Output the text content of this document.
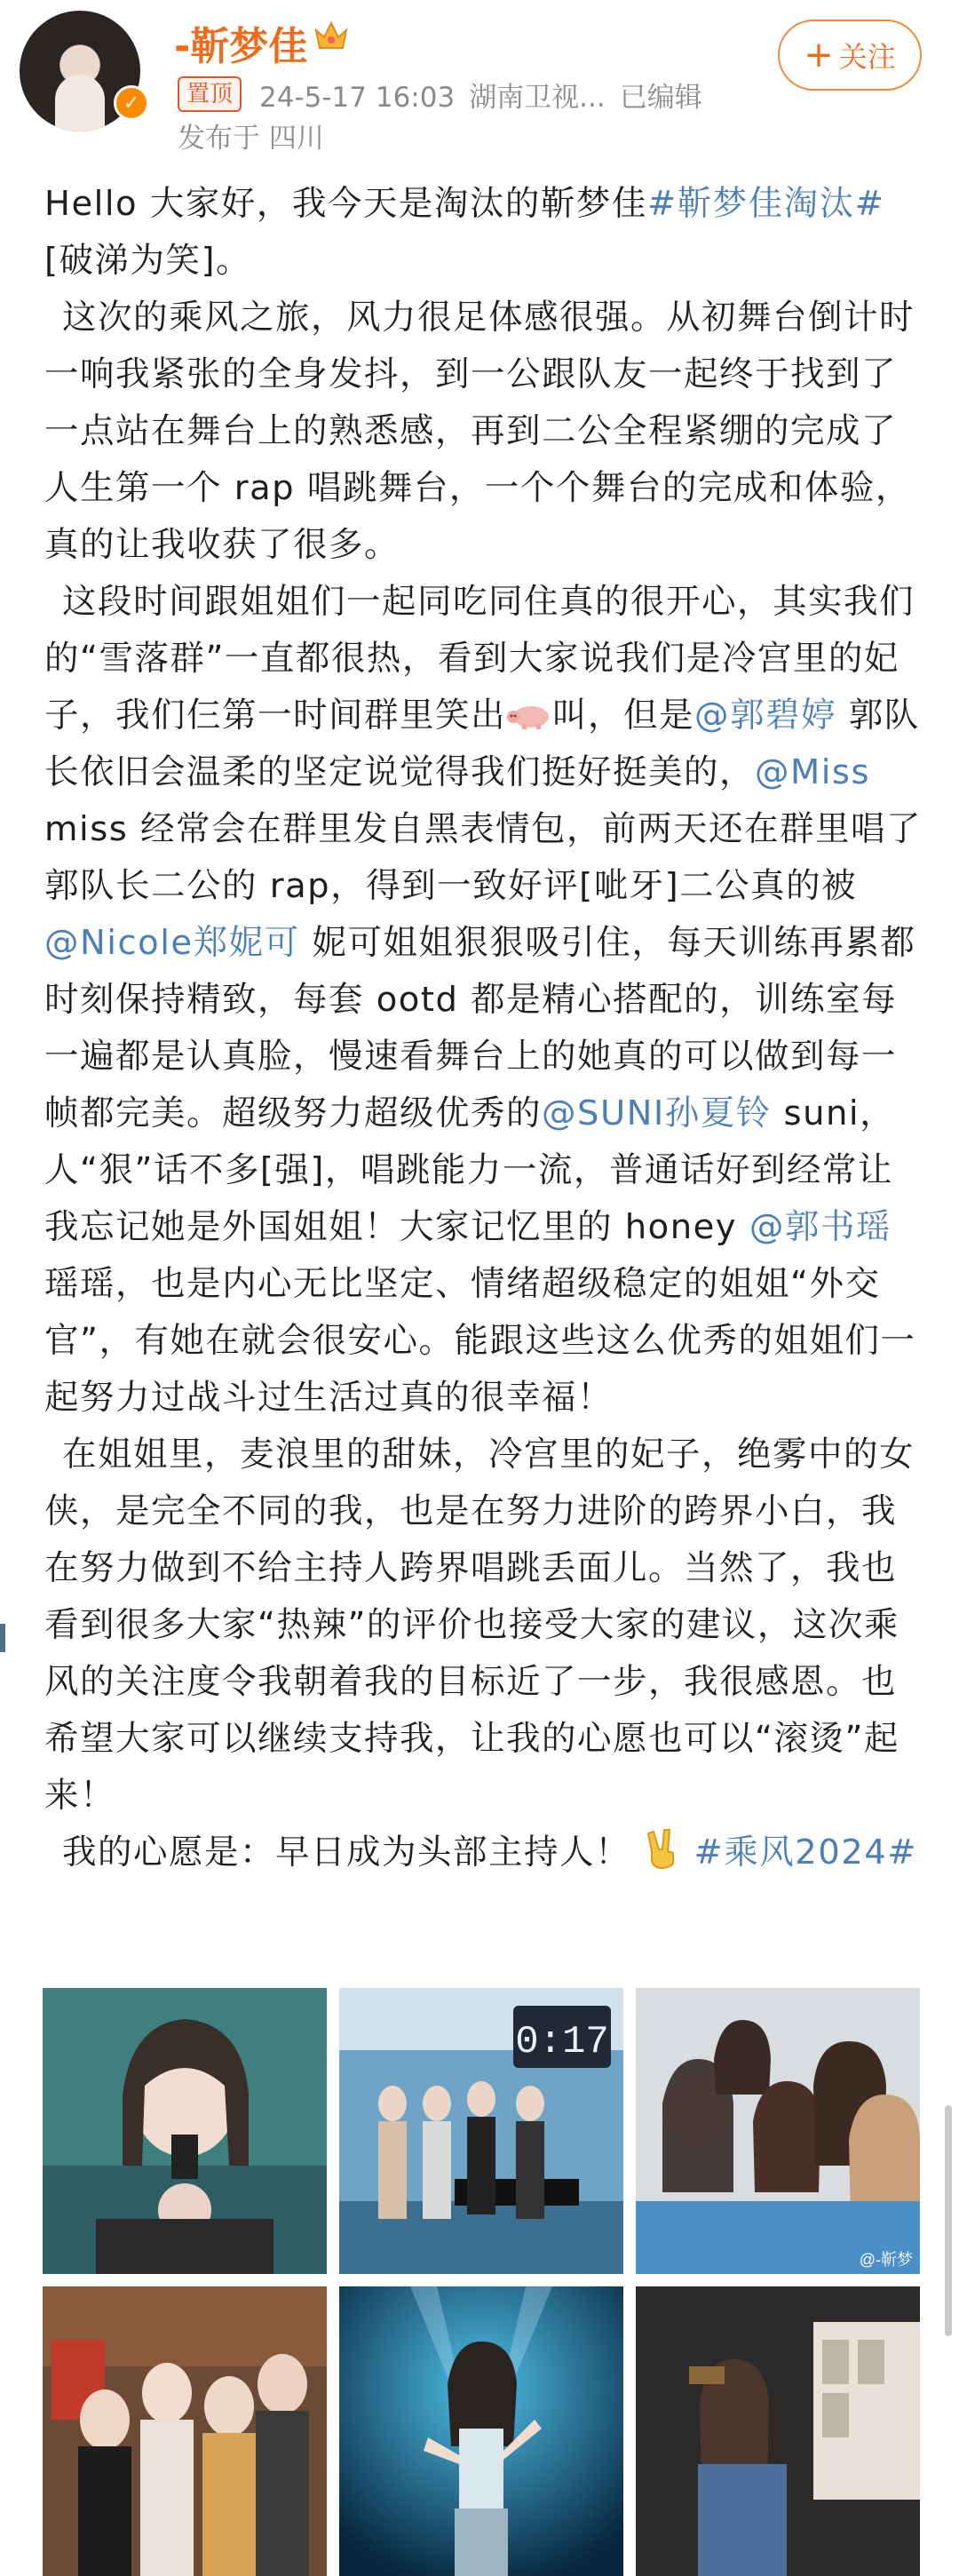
✓
-靳梦佳
置顶 24-5-17 16:03 湖南卫视... 已编辑
发布于 四川
+ 关注

Hello 大家好，我今天是淘汰的靳梦佳#靳梦佳淘汰#[破涕为笑]。

这次的乘风之旅，风力很足体感很强。从初舞台倒计时一响我紧张的全身发抖，到一公跟队友一起终于找到了一点站在舞台上的熟悉感，再到二公全程紧绷的完成了人生第一个 rap 唱跳舞台，一个个舞台的完成和体验，真的让我收获了很多。

这段时间跟姐姐们一起同吃同住真的很开心，其实我们的“雪落群”一直都很热，看到大家说我们是冷宫里的妃子，我们仨第一时间群里笑出 叫，但是@郭碧婷 郭队长依旧会温柔的坚定说觉得我们挺好挺美的，@Miss miss 经常会在群里发自黑表情包，前两天还在群里唱了郭队长二公的 rap，得到一致好评[呲牙]二公真的被 @Nicole郑妮可 妮可姐姐狠狠吸引住，每天训练再累都时刻保持精致，每套 ootd 都是精心搭配的，训练室每一遍都是认真脸，慢速看舞台上的她真的可以做到每一帧都完美。超级努力超级优秀的@SUNI孙夏铃 suni，人“狠”话不多[强]，唱跳能力一流，普通话好到经常让我忘记她是外国姐姐！大家记忆里的 honey @郭书瑶 瑶瑶，也是内心无比坚定、情绪超级稳定的姐姐“外交官”，有她在就会很安心。能跟这些这么优秀的姐姐们一起努力过战斗过生活过真的很幸福！

在姐姐里，麦浪里的甜妹，冷宫里的妃子，绝雾中的女侠，是完全不同的我，也是在努力进阶的跨界小白，我在努力做到不给主持人跨界唱跳丢面儿。当然了，我也看到很多大家“热辣”的评价也接受大家的建议，这次乘风的关注度令我朝着我的目标近了一步，我很感恩。也希望大家可以继续支持我，让我的心愿也可以“滚烫”起来！

我的心愿是：早日成为头部主持人！ #乘风2024#

0:17
@-靳梦
